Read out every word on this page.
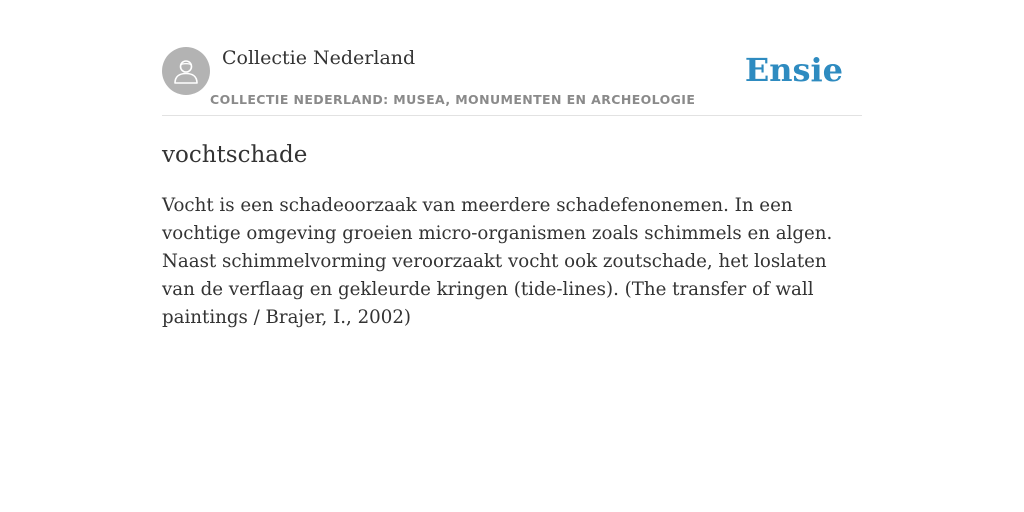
Collectie Nederland
COLLECTIE NEDERLAND: MUSEA, MONUMENTEN EN ARCHEOLOGIE
Ensie
vochtschade

Vocht is een schadeoorzaak van meerdere schadefenonemen. In een vochtige omgeving groeien micro-organismen zoals schimmels en algen. Naast schimmelvorming veroorzaakt vocht ook zoutschade, het loslaten van de verflaag en gekleurde kringen (tide-lines). (The transfer of wall paintings / Brajer, I., 2002)
